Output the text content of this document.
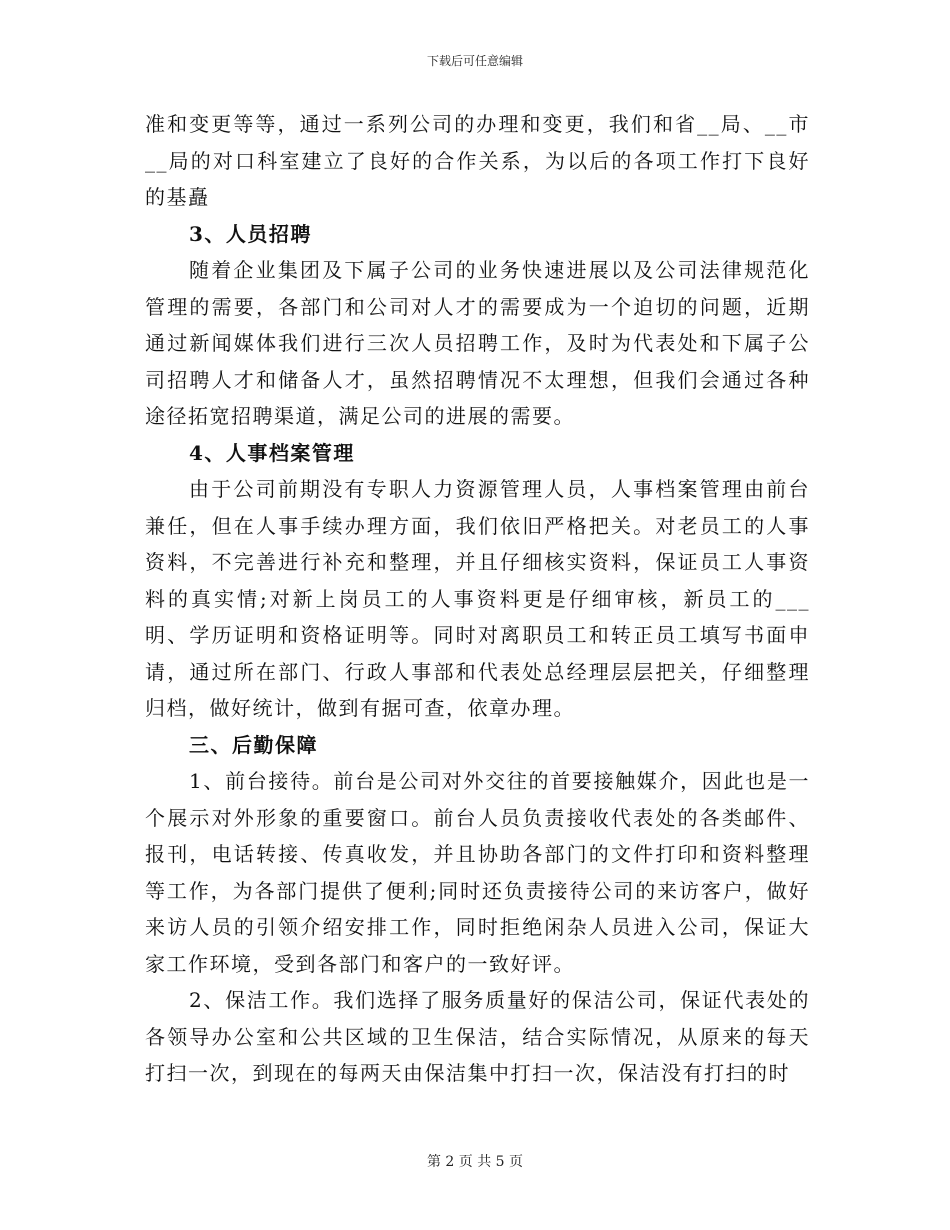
下载后可任意编辑

准和变更等等，通过一系列公司的办理和变更，我们和省__局、__市__局的对口科室建立了良好的合作关系，为以后的各项工作打下良好的基矗

3、人员招聘

随着企业集团及下属子公司的业务快速进展以及公司法律规范化管理的需要，各部门和公司对人才的需要成为一个迫切的问题，近期通过新闻媒体我们进行三次人员招聘工作，及时为代表处和下属子公司招聘人才和储备人才，虽然招聘情况不太理想，但我们会通过各种途径拓宽招聘渠道，满足公司的进展的需要。

4、人事档案管理

由于公司前期没有专职人力资源管理人员，人事档案管理由前台兼任，但在人事手续办理方面，我们依旧严格把关。对老员工的人事资料，不完善进行补充和整理，并且仔细核实资料，保证员工人事资料的真实情;对新上岗员工的人事资料更是仔细审核，新员工的___明、学历证明和资格证明等。同时对离职员工和转正员工填写书面申请，通过所在部门、行政人事部和代表处总经理层层把关，仔细整理归档，做好统计，做到有据可查，依章办理。

三、后勤保障

1、前台接待。前台是公司对外交往的首要接触媒介，因此也是一个展示对外形象的重要窗口。前台人员负责接收代表处的各类邮件、报刊，电话转接、传真收发，并且协助各部门的文件打印和资料整理等工作，为各部门提供了便利;同时还负责接待公司的来访客户，做好来访人员的引领介绍安排工作，同时拒绝闲杂人员进入公司，保证大家工作环境，受到各部门和客户的一致好评。

2、保洁工作。我们选择了服务质量好的保洁公司，保证代表处的各领导办公室和公共区域的卫生保洁，结合实际情况，从原来的每天打扫一次，到现在的每两天由保洁集中打扫一次，保洁没有打扫的时

第 2 页 共 5 页
